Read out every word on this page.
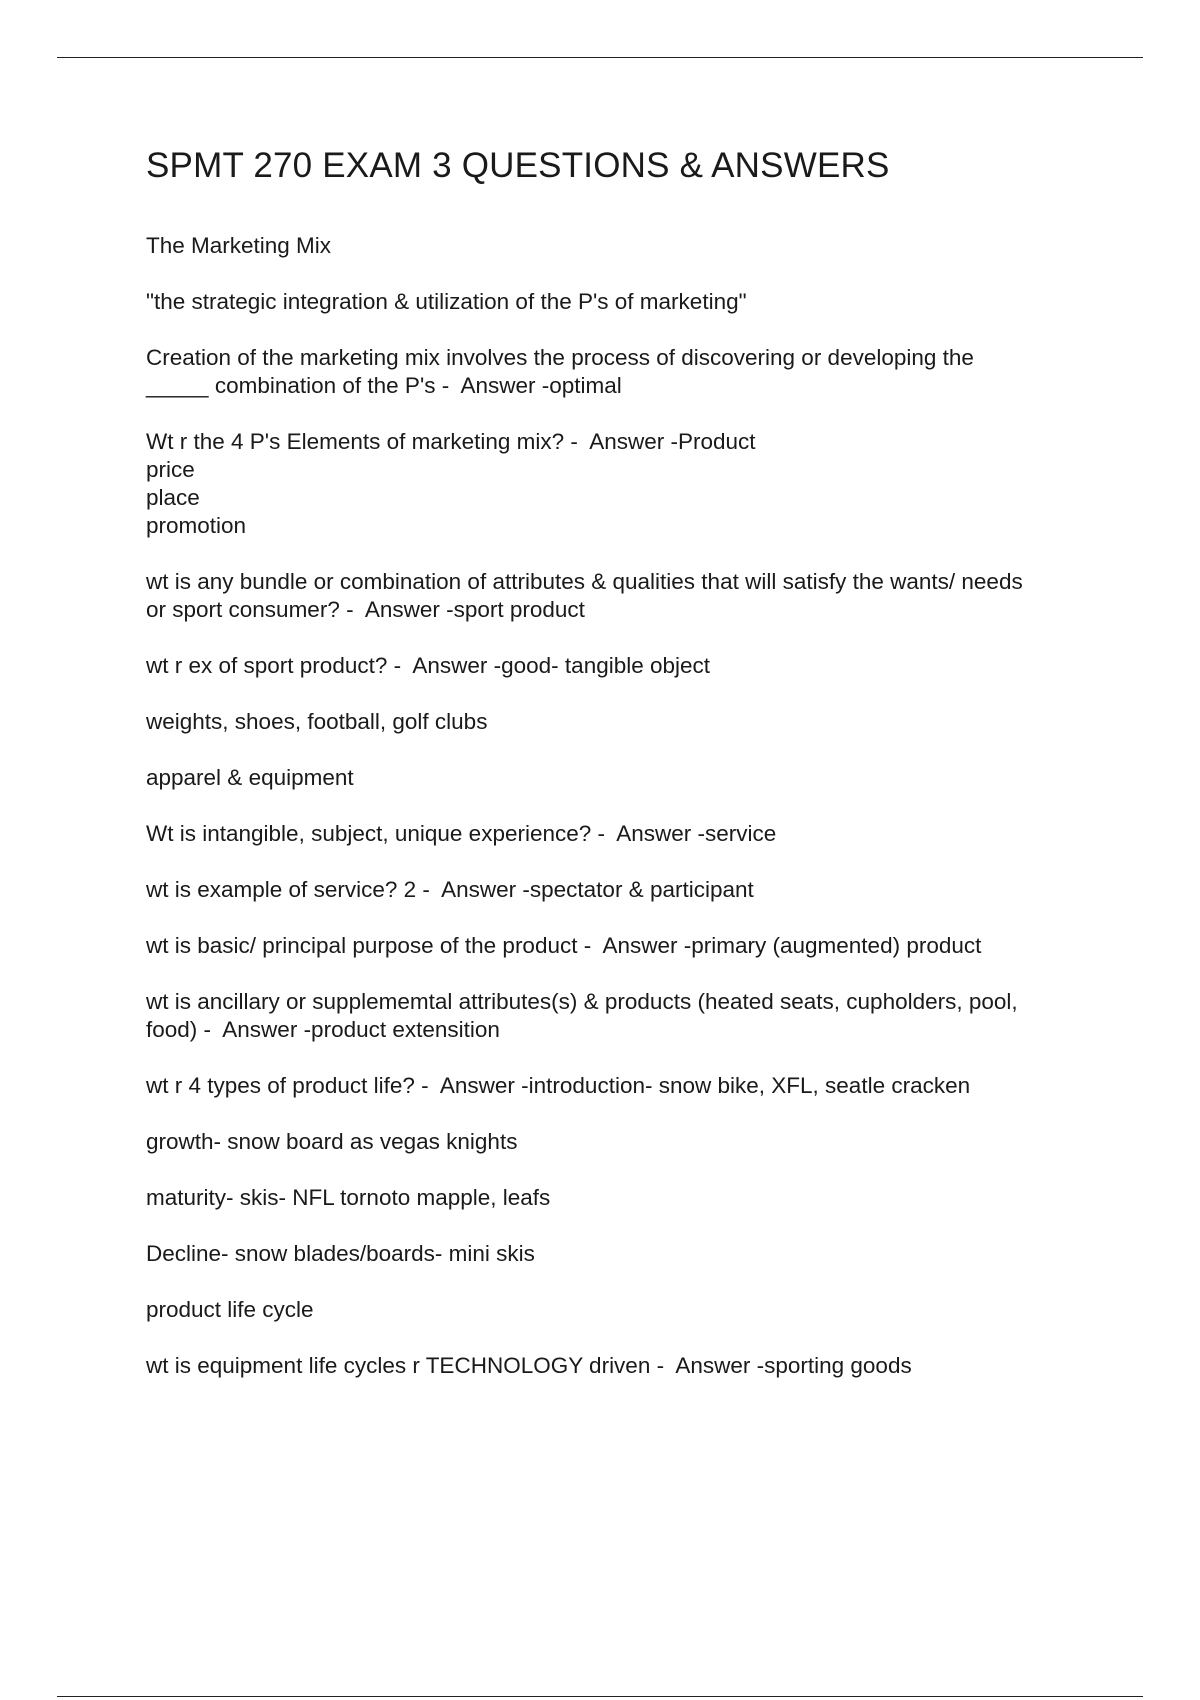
SPMT 270 EXAM 3 QUESTIONS & ANSWERS

The Marketing Mix

"the strategic integration & utilization of the P's of marketing"

Creation of the marketing mix involves the process of discovering or developing the
_____ combination of the P's -  Answer -optimal

Wt r the 4 P's Elements of marketing mix? -  Answer -Product
price
place
promotion

wt is any bundle or combination of attributes & qualities that will satisfy the wants/ needs
or sport consumer? -  Answer -sport product

wt r ex of sport product? -  Answer -good- tangible object

weights, shoes, football, golf clubs

apparel & equipment

Wt is intangible, subject, unique experience? -  Answer -service

wt is example of service? 2 -  Answer -spectator & participant

wt is basic/ principal purpose of the product -  Answer -primary (augmented) product

wt is ancillary or supplememtal attributes(s) & products (heated seats, cupholders, pool,
food) -  Answer -product extensition

wt r 4 types of product life? -  Answer -introduction- snow bike, XFL, seatle cracken

growth- snow board as vegas knights

maturity- skis- NFL tornoto mapple, leafs

Decline- snow blades/boards- mini skis

product life cycle

wt is equipment life cycles r TECHNOLOGY driven -  Answer -sporting goods
